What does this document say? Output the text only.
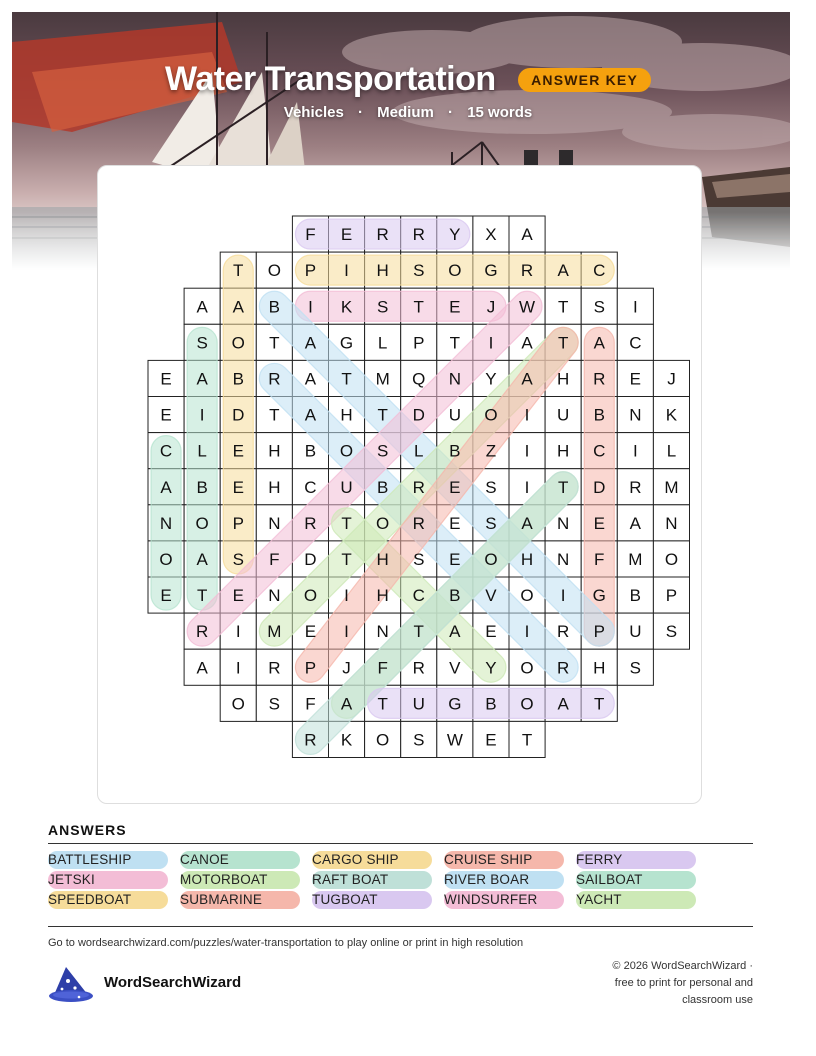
Water Transportation	ANSWER KEY
Vehicles · Medium · 15 words
F E R R Y X A
T O P I H S O G R A C
A A B I K S T E J W T S I
S O T A G L P T I A T A C
E A B R A T M Q N Y A H R E J
E I D T A H T D U O I U B N K
C L E H B O S L B Z I H C I L
A B E H C U B R E S I T D R M
N O P N R T O R E S A N E A N
O A S F D T H S E O H N F M O
E T E N O I H C B V O I G B P
R I M E I N T A E I R P U S
A I R P J F R V Y O R H S
O S F A T U G B O A T
R K O S W E T
ANSWERS
BATTLESHIP	CANOE	CARGO SHIP	CRUISE SHIP	FERRY
JETSKI	MOTORBOAT	RAFT BOAT	RIVER BOAR	SAILBOAT
SPEEDBOAT	SUBMARINE	TUGBOAT	WINDSURFER	YACHT
Go to wordsearchwizard.com/puzzles/water-transportation to play online or print in high resolution
WordSearchWizard
© 2026 WordSearchWizard ·
free to print for personal and
classroom use
